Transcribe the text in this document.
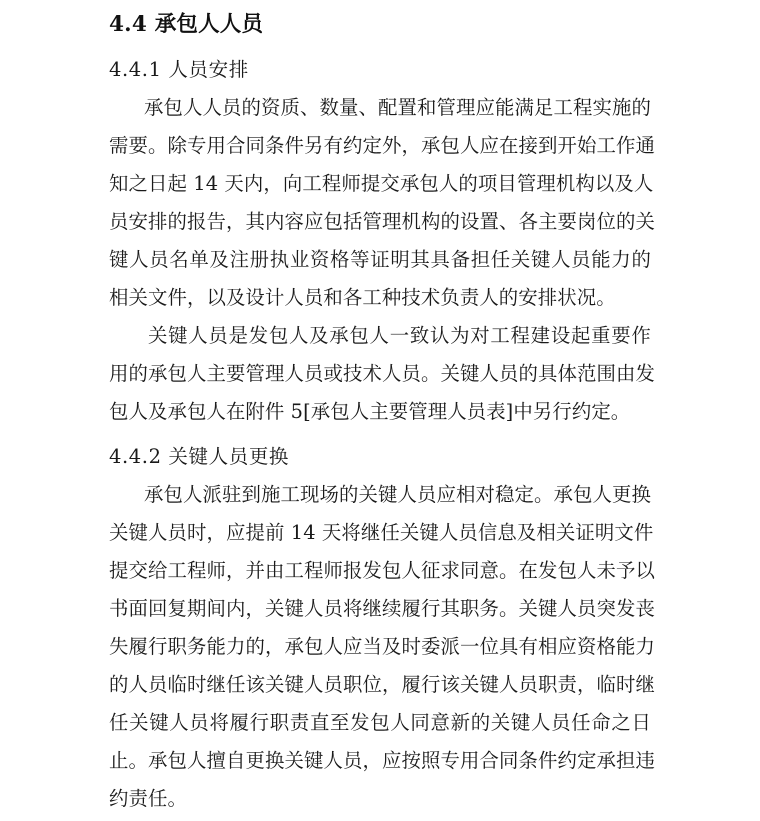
4.4 承包人人员
4.4.1 人员安排

承 包 人 人 员 的 资 质 、 数 量 、 配 置 和 管 理 应 能 满 足 工 程 实 施 的
需 要 。 除 专 用 合 同 条 件 另 有 约 定 外 ， 承 包 人 应 在 接 到 开 始 工 作 通
知 之 日 起
1 4
天 内 ， 向 工 程 师 提 交 承 包 人 的 项 目 管 理 机 构 以 及 人
员 安 排 的 报 告 ， 其 内 容 应 包 括 管 理 机 构 的 设 置 、 各 主 要 岗 位 的 关
键 人 员 名 单 及 注 册 执 业 资 格 等 证 明 其 具 备 担 任 关 键 人 员 能 力 的
相关文件，以及设计人员和各工种技术负责人的安排状况。

关 键 人 员 是 发 包 人 及 承 包 人 一 致 认 为 对 工 程 建 设 起 重 要 作
用 的 承 包 人 主 要 管 理 人 员 或 技 术 人 员 。 关 键 人 员 的 具 体 范 围 由 发
包人及承包人在附件 5[承包人主要管理人员表]中另行约定。

4.4.2 关键人员更换

承 包 人 派 驻 到 施 工 现 场 的 关 键 人 员 应 相 对 稳 定 。 承 包 人 更 换
关 键 人 员 时 ， 应 提 前
1 4
天 将 继 任 关 键 人 员 信 息 及 相 关 证 明 文 件
提 交 给 工 程 师 ， 并 由 工 程 师 报 发 包 人 征 求 同 意 。 在 发 包 人 未 予 以
书 面 回 复 期 间 内 ， 关 键 人 员 将 继 续 履 行 其 职 务 。 关 键 人 员 突 发 丧
失 履 行 职 务 能 力 的 ， 承 包 人 应 当 及 时 委 派 一 位 具 有 相 应 资 格 能 力
的 人 员 临 时 继 任 该 关 键 人 员 职 位 ， 履 行 该 关 键 人 员 职 责 ， 临 时 继
任 关 键 人 员 将 履 行 职 责 直 至 发 包 人 同 意 新 的 关 键 人 员 任 命 之 日
止 。 承 包 人 擅 自 更 换 关 键 人 员 ， 应 按 照 专 用 合 同 条 件 约 定 承 担 违
约责任。
